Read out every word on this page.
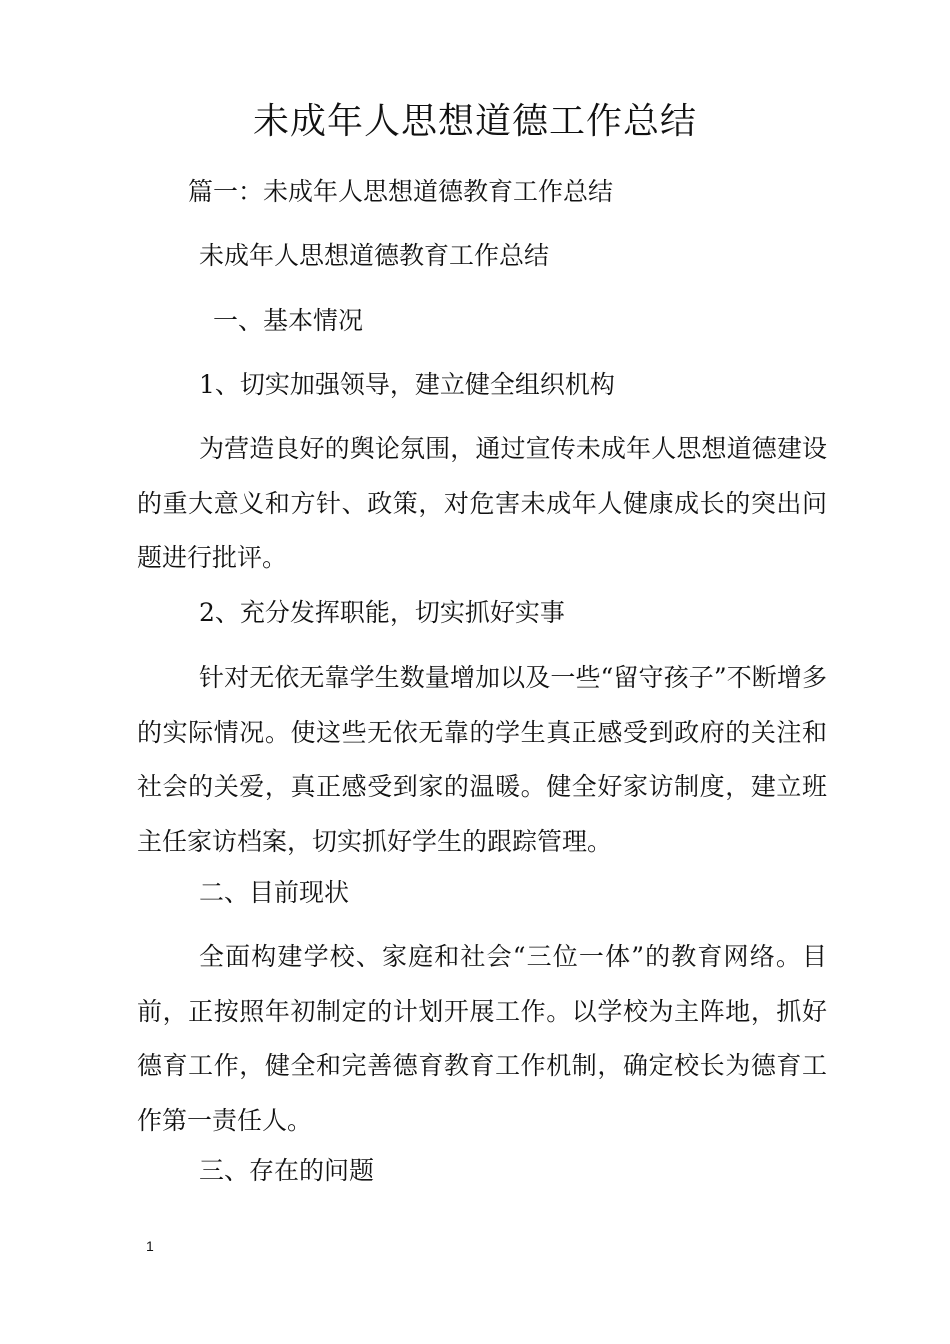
未成年人思想道德工作总结
篇一：未成年人思想道德教育工作总结
未成年人思想道德教育工作总结
一、基本情况
1、切实加强领导，建立健全组织机构
为营造良好的舆论氛围，通过宣传未成年人思想道德建设的重大意义和方针、政策，对危害未成年人健康成长的突出问题进行批评。
2、充分发挥职能，切实抓好实事
针对无依无靠学生数量增加以及一些“留守孩子”不断增多的实际情况。使这些无依无靠的学生真正感受到政府的关注和社会的关爱，真正感受到家的温暖。健全好家访制度，建立班主任家访档案，切实抓好学生的跟踪管理。
二、目前现状
全面构建学校、家庭和社会“三位一体”的教育网络。目前，正按照年初制定的计划开展工作。以学校为主阵地，抓好德育工作，健全和完善德育教育工作机制，确定校长为德育工作第一责任人。
三、存在的问题
1
